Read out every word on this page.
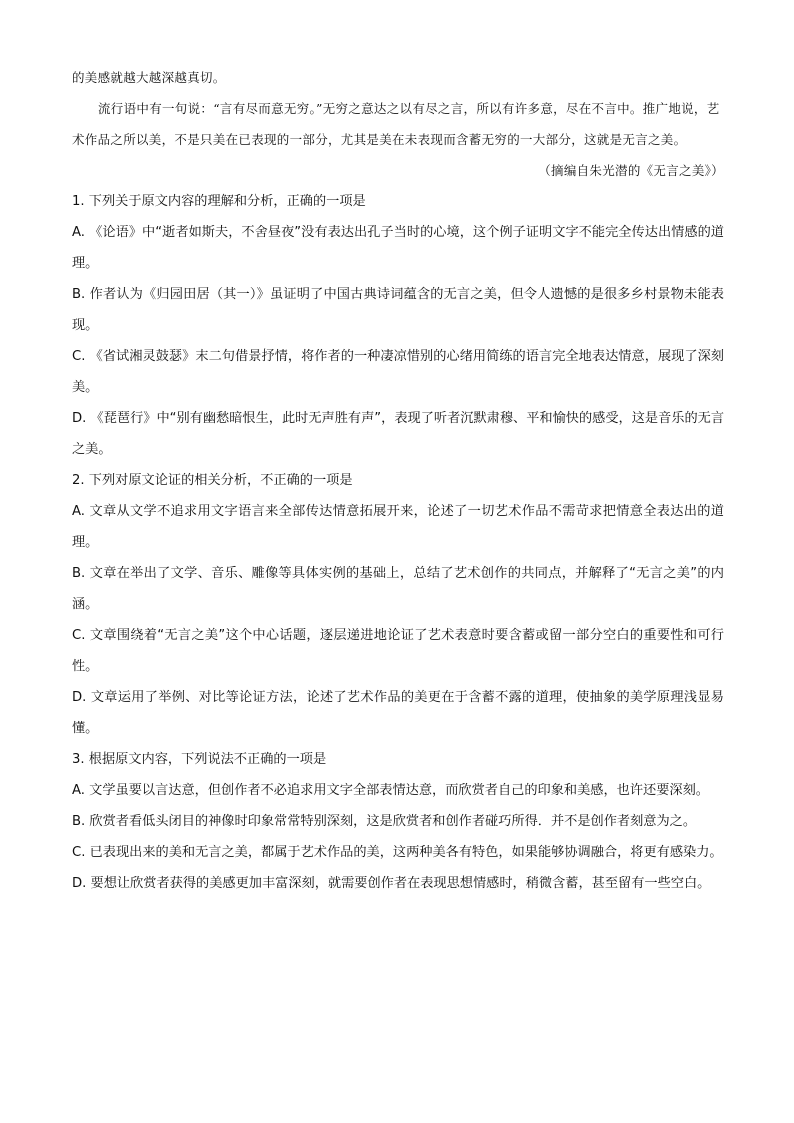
的美感就越大越深越真切。

流行语中有一句说：“言有尽而意无穷。”无穷之意达之以有尽之言，所以有许多意，尽在不言中。推广地说，艺术作品之所以美，不是只美在已表现的一部分，尤其是美在未表现而含蓄无穷的一大部分，这就是无言之美。

（摘编自朱光潜的《无言之美》）

1. 下列关于原文内容的理解和分析，正确的一项是

A. 《论语》中“逝者如斯夫，不舍昼夜”没有表达出孔子当时的心境，这个例子证明文字不能完全传达出情感的道理。

B. 作者认为《归园田居（其一）》虽证明了中国古典诗词蕴含的无言之美，但令人遗憾的是很多乡村景物未能表现。

C. 《省试湘灵鼓瑟》末二句借景抒情，将作者的一种凄凉惜别的心绪用简练的语言完全地表达情意，展现了深刻美。

D. 《琵琶行》中“别有幽愁暗恨生，此时无声胜有声”，表现了听者沉默肃穆、平和愉快的感受，这是音乐的无言之美。

2. 下列对原文论证的相关分析，不正确的一项是

A. 文章从文学不追求用文字语言来全部传达情意拓展开来，论述了一切艺术作品不需苛求把情意全表达出的道理。

B. 文章在举出了文学、音乐、雕像等具体实例的基础上，总结了艺术创作的共同点，并解释了“无言之美”的内涵。

C. 文章围绕着“无言之美”这个中心话题，逐层递进地论证了艺术表意时要含蓄或留一部分空白的重要性和可行性。

D. 文章运用了举例、对比等论证方法，论述了艺术作品的美更在于含蓄不露的道理，使抽象的美学原理浅显易懂。

3. 根据原文内容，下列说法不正确的一项是

A. 文学虽要以言达意，但创作者不必追求用文字全部表情达意，而欣赏者自己的印象和美感，也许还要深刻。

B. 欣赏者看低头闭目的神像时印象常常特别深刻，这是欣赏者和创作者碰巧所得．并不是创作者刻意为之。

C. 已表现出来的美和无言之美，都属于艺术作品的美，这两种美各有特色，如果能够协调融合，将更有感染力。

D. 要想让欣赏者获得的美感更加丰富深刻，就需要创作者在表现思想情感时，稍微含蓄，甚至留有一些空白。
